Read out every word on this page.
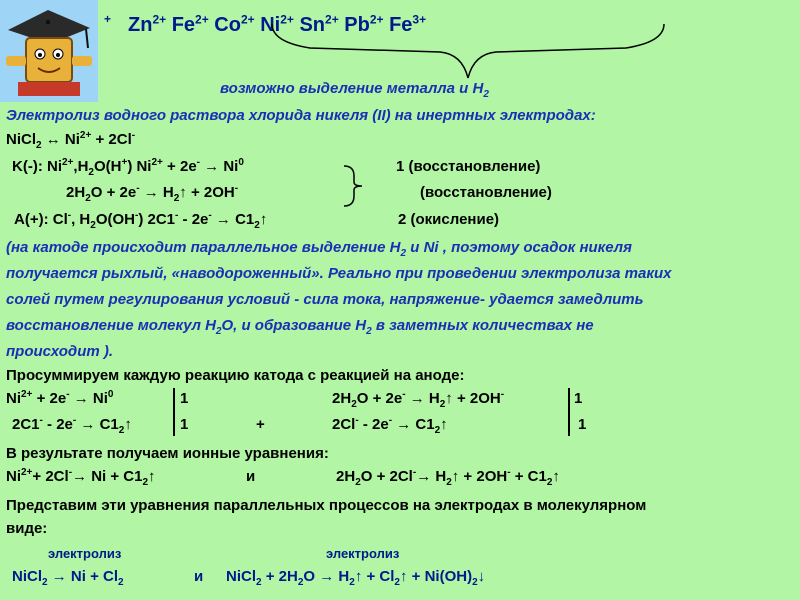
+ $Zn^{2+}$ $Fe^{2+}$ $Co^{2+}$ $Ni^{2+}$ $Sn^{2+}$ $Pb^{2+}$ $Fe^{3+}$
возможно выделение металла и $Н_2$
Электролиз водного раствора хлорида никеля (II) на инертных электродах:
NiCl$_2$ ↔ $Ni^{2+} + 2Cl^-$
K(-): $Ni^{2+},H_2O(H^+) Ni^{2+} + 2e^- \to Ni^0$	1 (восстановление)
$2H_2O + 2e^-$ → $H_2↑ + 2OH^-$	(восстановление)
A(+): Cl-, $H_2O(OH^-)$ $2C1^- - 2e^- \to C1_2↑$	2 (окисление)
(на катоде происходит параллельное выделение $Н_2$ и Ni , поэтому осадок никеля
получается рыхлый, «наводороженный». Реально при проведении электролиза таких
солей путем регулирования условий - сила тока, напряжение- удается замедлить
восстановление молекул $Н_2О$, и образование $Н_2$ в заметных количествах не
происходит ).
Просуммируем каждую реакцию катода с реакцией на аноде:
$Ni^{2+} + 2e^- \to Ni^0$	1	$2H_2O + 2e^-$ → $H_2↑ + 2OH^-$	1
$2C1^- - 2e^- \to C1_2↑$	1	+	$2Cl^- - 2e^- \to C1_2↑$	1
В результате получаем ионные уравнения:
$Ni^{2+}+ 2Cl^-\to Ni$ + $C1_2↑$	и	$2H_2O + 2Cl^-\to$ $H_2↑ + 2OH^-$ + $C1_2↑$
Представим эти уравнения параллельных процессов на электродах в молекулярном
виде:
электролиз	электролиз
NiCl$_2$ → $Ni + Cl_2$	и NiCl$_2$ + $2H_2O$ → $H_2↑$ + $Cl_2↑$ + $Ni(OH)_2↓$
